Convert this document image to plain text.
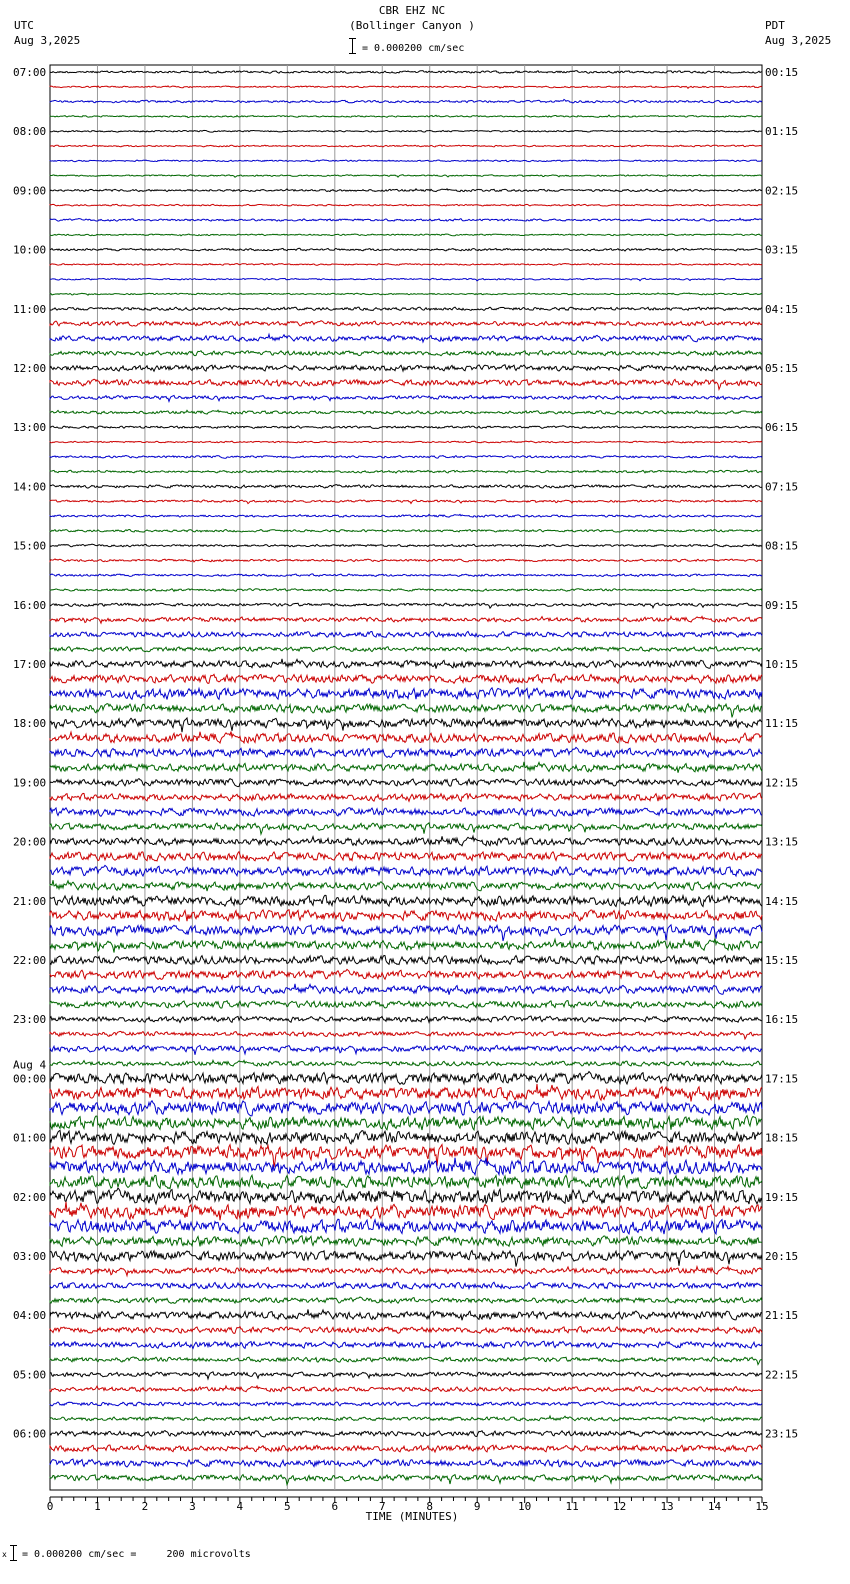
UTC
Aug 3,2025
PDT
Aug 3,2025
CBR EHZ NC
(Bollinger Canyon )
= 0.000200 cm/sec
07:00	00:15
08:00	01:15
09:00	02:15
10:00	03:15
11:00	04:15
12:00	05:15
13:00	06:15
14:00	07:15
15:00	08:15
16:00	09:15
17:00	10:15
18:00	11:15
19:00	12:15
20:00	13:15
21:00	14:15
22:00	15:15
23:00	16:15
00:00	17:15
01:00	18:15
02:00	19:15
03:00	20:15
04:00	21:15
05:00	22:15
06:00	23:15
Aug 4
0	1	2	3	4	5	6	7	8	9	10	11	12	13	14	15
TIME (MINUTES)
x = 0.000200 cm/sec =     200 microvolts
